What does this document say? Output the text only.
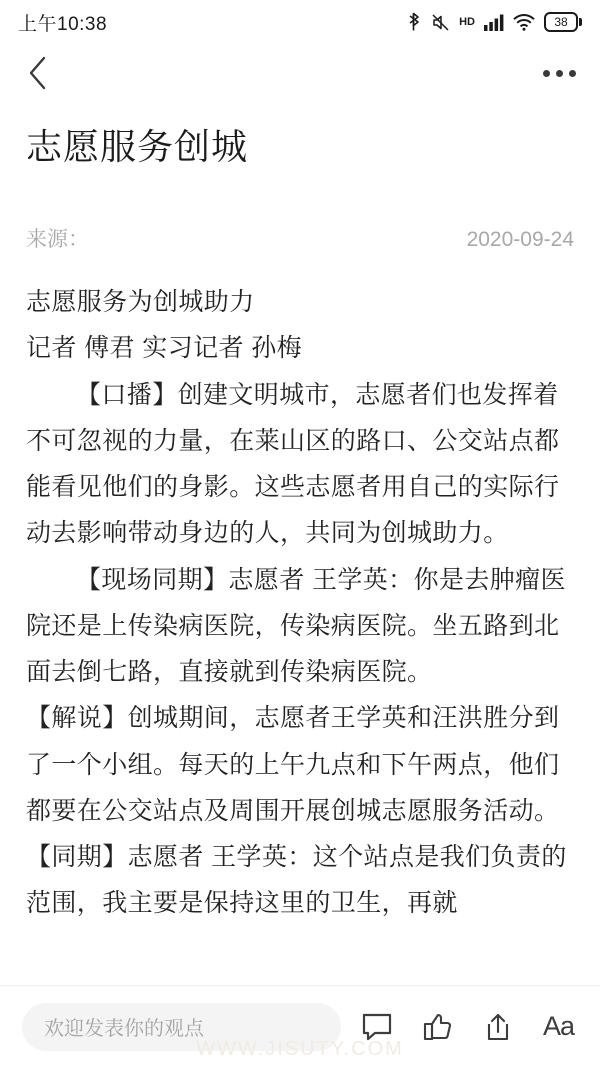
上午10:38	HD	38
志愿服务创城
来源：	2020-09-24

志愿服务为创城助力

记者 傅君 实习记者 孙梅

【口播】创建文明城市，志愿者们也发挥着不可忽视的力量，在莱山区的路口、公交站点都能看见他们的身影。这些志愿者用自己的实际行动去影响带动身边的人，共同为创城助力。

【现场同期】志愿者 王学英：你是去肿瘤医院还是上传染病医院，传染病医院。坐五路到北面去倒七路，直接就到传染病医院。

【解说】创城期间，志愿者王学英和汪洪胜分到了一个小组。每天的上午九点和下午两点，他们都要在公交站点及周围开展创城志愿服务活动。

【同期】志愿者 王学英：这个站点是我们负责的范围，我主要是保持这里的卫生，再就

欢迎发表你的观点	Aa
WWW.JISUTY.COM
